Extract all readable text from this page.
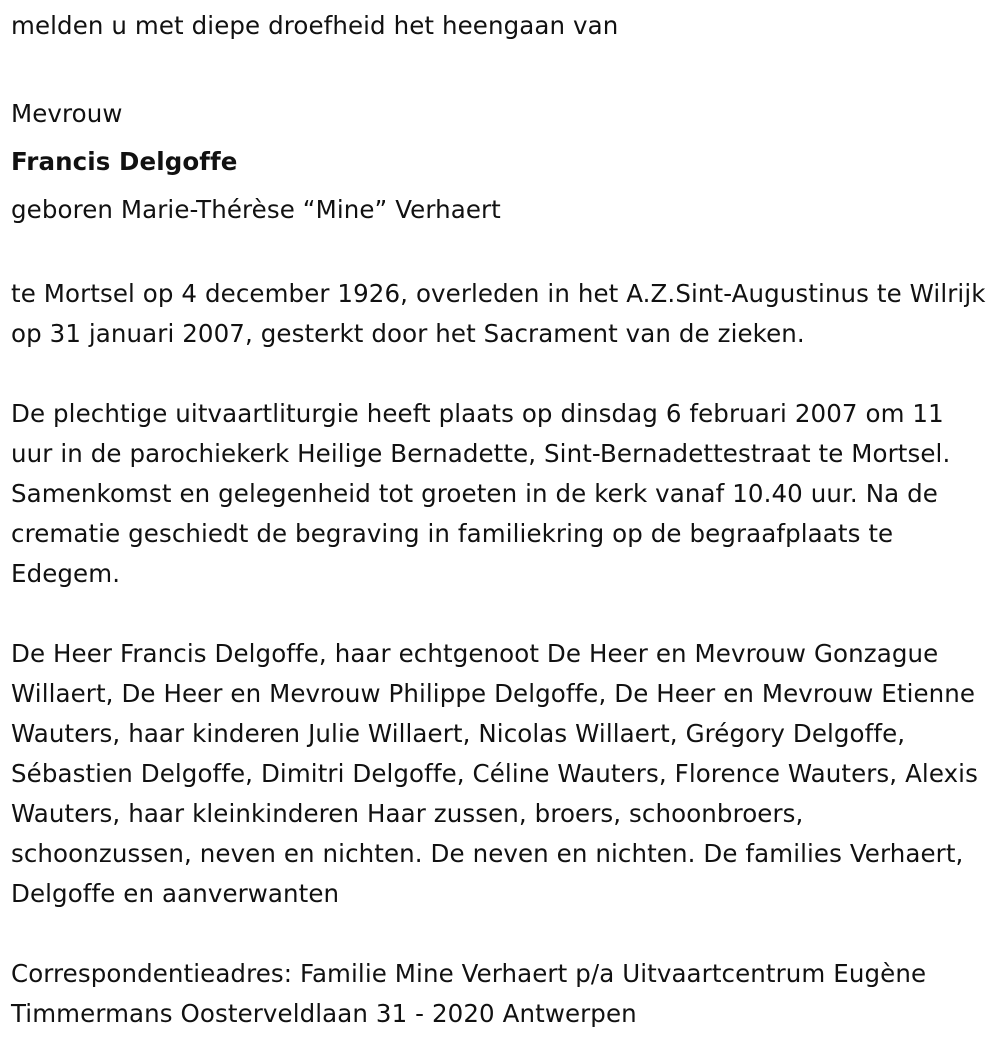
melden u met diepe droefheid het heengaan van

Mevrouw

Francis Delgoffe

geboren Marie-Thérèse “Mine” Verhaert

te Mortsel op 4 december 1926, overleden in het A.Z.Sint-Augustinus te Wilrijk op 31 januari 2007, gesterkt door het Sacrament van de zieken.

De plechtige uitvaartliturgie heeft plaats op dinsdag 6 februari 2007 om 11 uur in de parochiekerk Heilige Bernadette, Sint-Bernadettestraat te Mortsel. Samenkomst en gelegenheid tot groeten in de kerk vanaf 10.40 uur. Na de crematie geschiedt de begraving in familiekring op de begraafplaats te Edegem.

De Heer Francis Delgoffe, haar echtgenoot De Heer en Mevrouw Gonzague Willaert, De Heer en Mevrouw Philippe Delgoffe, De Heer en Mevrouw Etienne Wauters, haar kinderen Julie Willaert, Nicolas Willaert, Grégory Delgoffe, Sébastien Delgoffe, Dimitri Delgoffe, Céline Wauters, Florence Wauters, Alexis Wauters, haar kleinkinderen Haar zussen, broers, schoonbroers, schoonzussen, neven en nichten. De neven en nichten. De families Verhaert, Delgoffe en aanverwanten

Correspondentieadres: Familie Mine Verhaert p/a Uitvaartcentrum Eugène Timmermans Oosterveldlaan 31 - 2020 Antwerpen
